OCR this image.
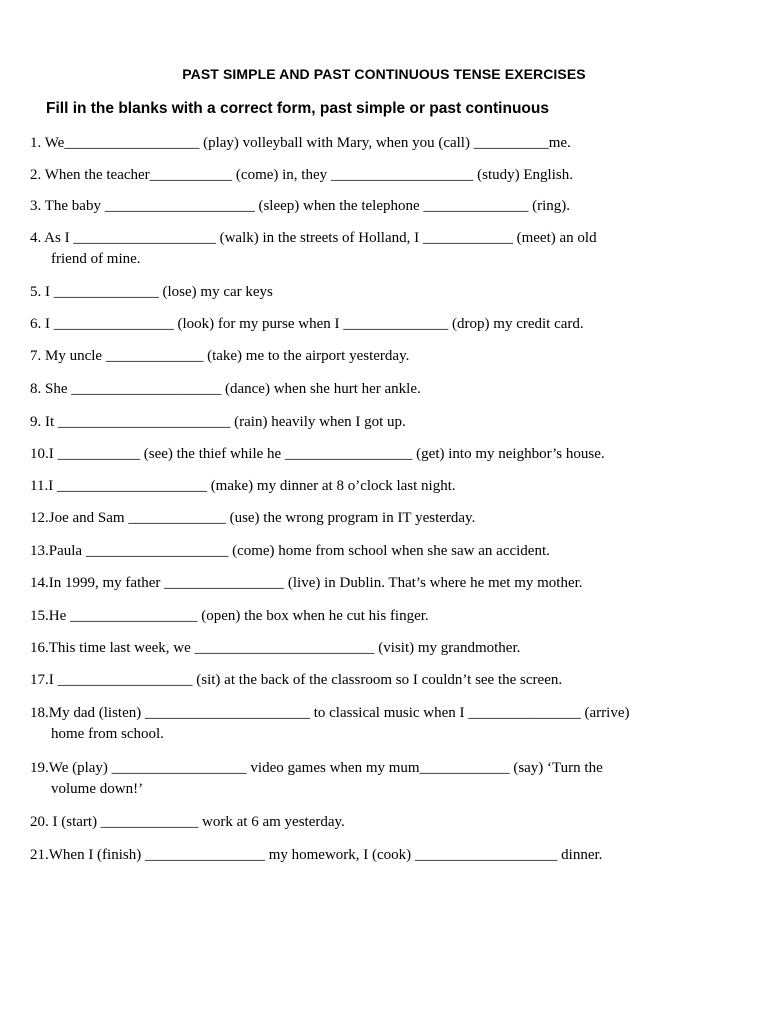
PAST SIMPLE AND PAST CONTINUOUS TENSE EXERCISES
Fill in the blanks with a correct form, past simple or past continuous
1. We__________________ (play) volleyball with Mary, when you (call) __________me.
2. When the teacher___________ (come) in, they ___________________ (study) English.
3. The baby ____________________ (sleep) when the telephone ______________ (ring).
4. As I ___________________ (walk) in the streets of Holland, I ____________ (meet) an old
friend of mine.
5. I ______________ (lose) my car keys
6. I ________________ (look) for my purse when I ______________ (drop) my credit card.
7. My uncle _____________ (take) me to the airport yesterday.
8. She ____________________ (dance) when she hurt her ankle.
9. It _______________________ (rain) heavily when I got up.
10.I ___________ (see) the thief while he _________________ (get) into my neighbor’s house.
11.I ____________________ (make) my dinner at 8 o’clock last night.
12.Joe and Sam _____________ (use) the wrong program in IT yesterday.
13.Paula ___________________ (come) home from school when she saw an accident.
14.In 1999, my father ________________ (live) in Dublin. That’s where he met my mother.
15.He _________________ (open) the box when he cut his finger.
16.This time last week, we ________________________ (visit) my grandmother.
17.I __________________ (sit) at the back of the classroom so I couldn’t see the screen.
18.My dad (listen) ______________________ to classical music when I _______________ (arrive)
home from school.
19.We (play) __________________ video games when my mum____________ (say) ‘Turn the
volume down!’
20. I (start) _____________ work at 6 am yesterday.
21.When I (finish) ________________ my homework, I (cook) ___________________ dinner.
